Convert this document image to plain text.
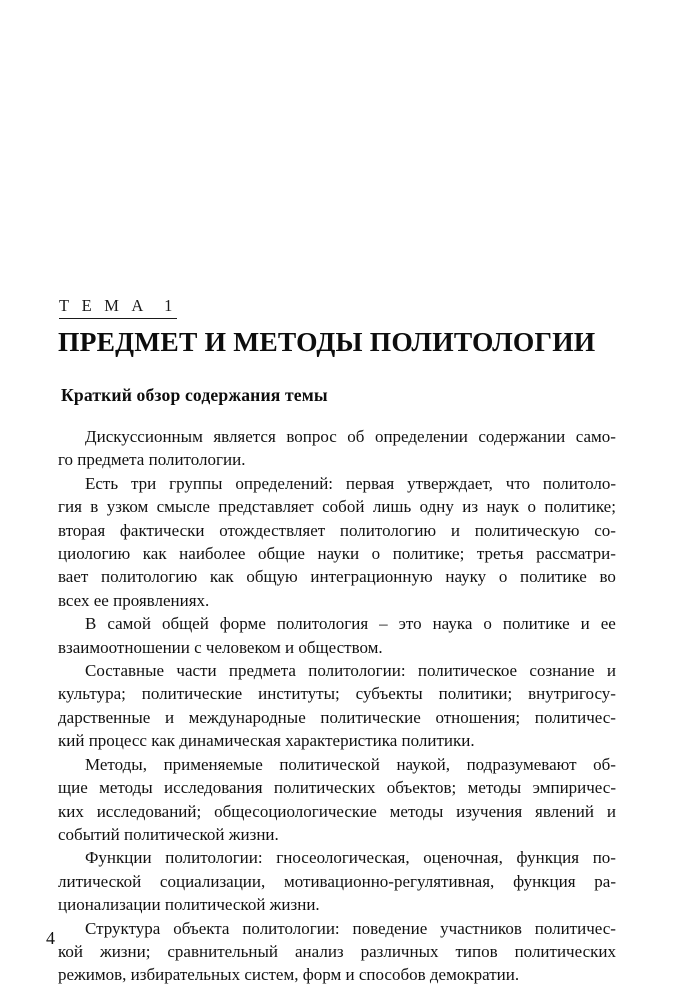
Т Е М А  1
ПРЕДМЕТ И МЕТОДЫ ПОЛИТОЛОГИИ
Краткий обзор содержания темы

Дискуссионным является вопрос об определении содержании само-
го предмета политологии.

Есть три группы определений: первая утверждает, что политоло-
гия в узком смысле представляет собой лишь одну из наук о политике;
вторая фактически отождествляет политологию и политическую со-
циологию как наиболее общие науки о политике; третья рассматри-
вает политологию как общую интеграционную науку о политике во
всех ее проявлениях.

В самой общей форме политология – это наука о политике и ее
взаимоотношении с человеком и обществом.

Составные части предмета политологии: политическое сознание и
культура; политические институты; субъекты политики; внутригосу-
дарственные и международные политические отношения; политичес-
кий процесс как динамическая характеристика политики.

Методы, применяемые политической наукой, подразумевают об-
щие методы исследования политических объектов; методы эмпиричес-
ких исследований; общесоциологические методы изучения явлений и
событий политической жизни.

Функции политологии: гносеологическая, оценочная, функция по-
литической социализации, мотивационно-регулятивная, функция ра-
ционализации политической жизни.

Структура объекта политологии: поведение участников политичес-
кой жизни; сравнительный анализ различных типов политических
режимов, избирательных систем, форм и способов демократии.

4
